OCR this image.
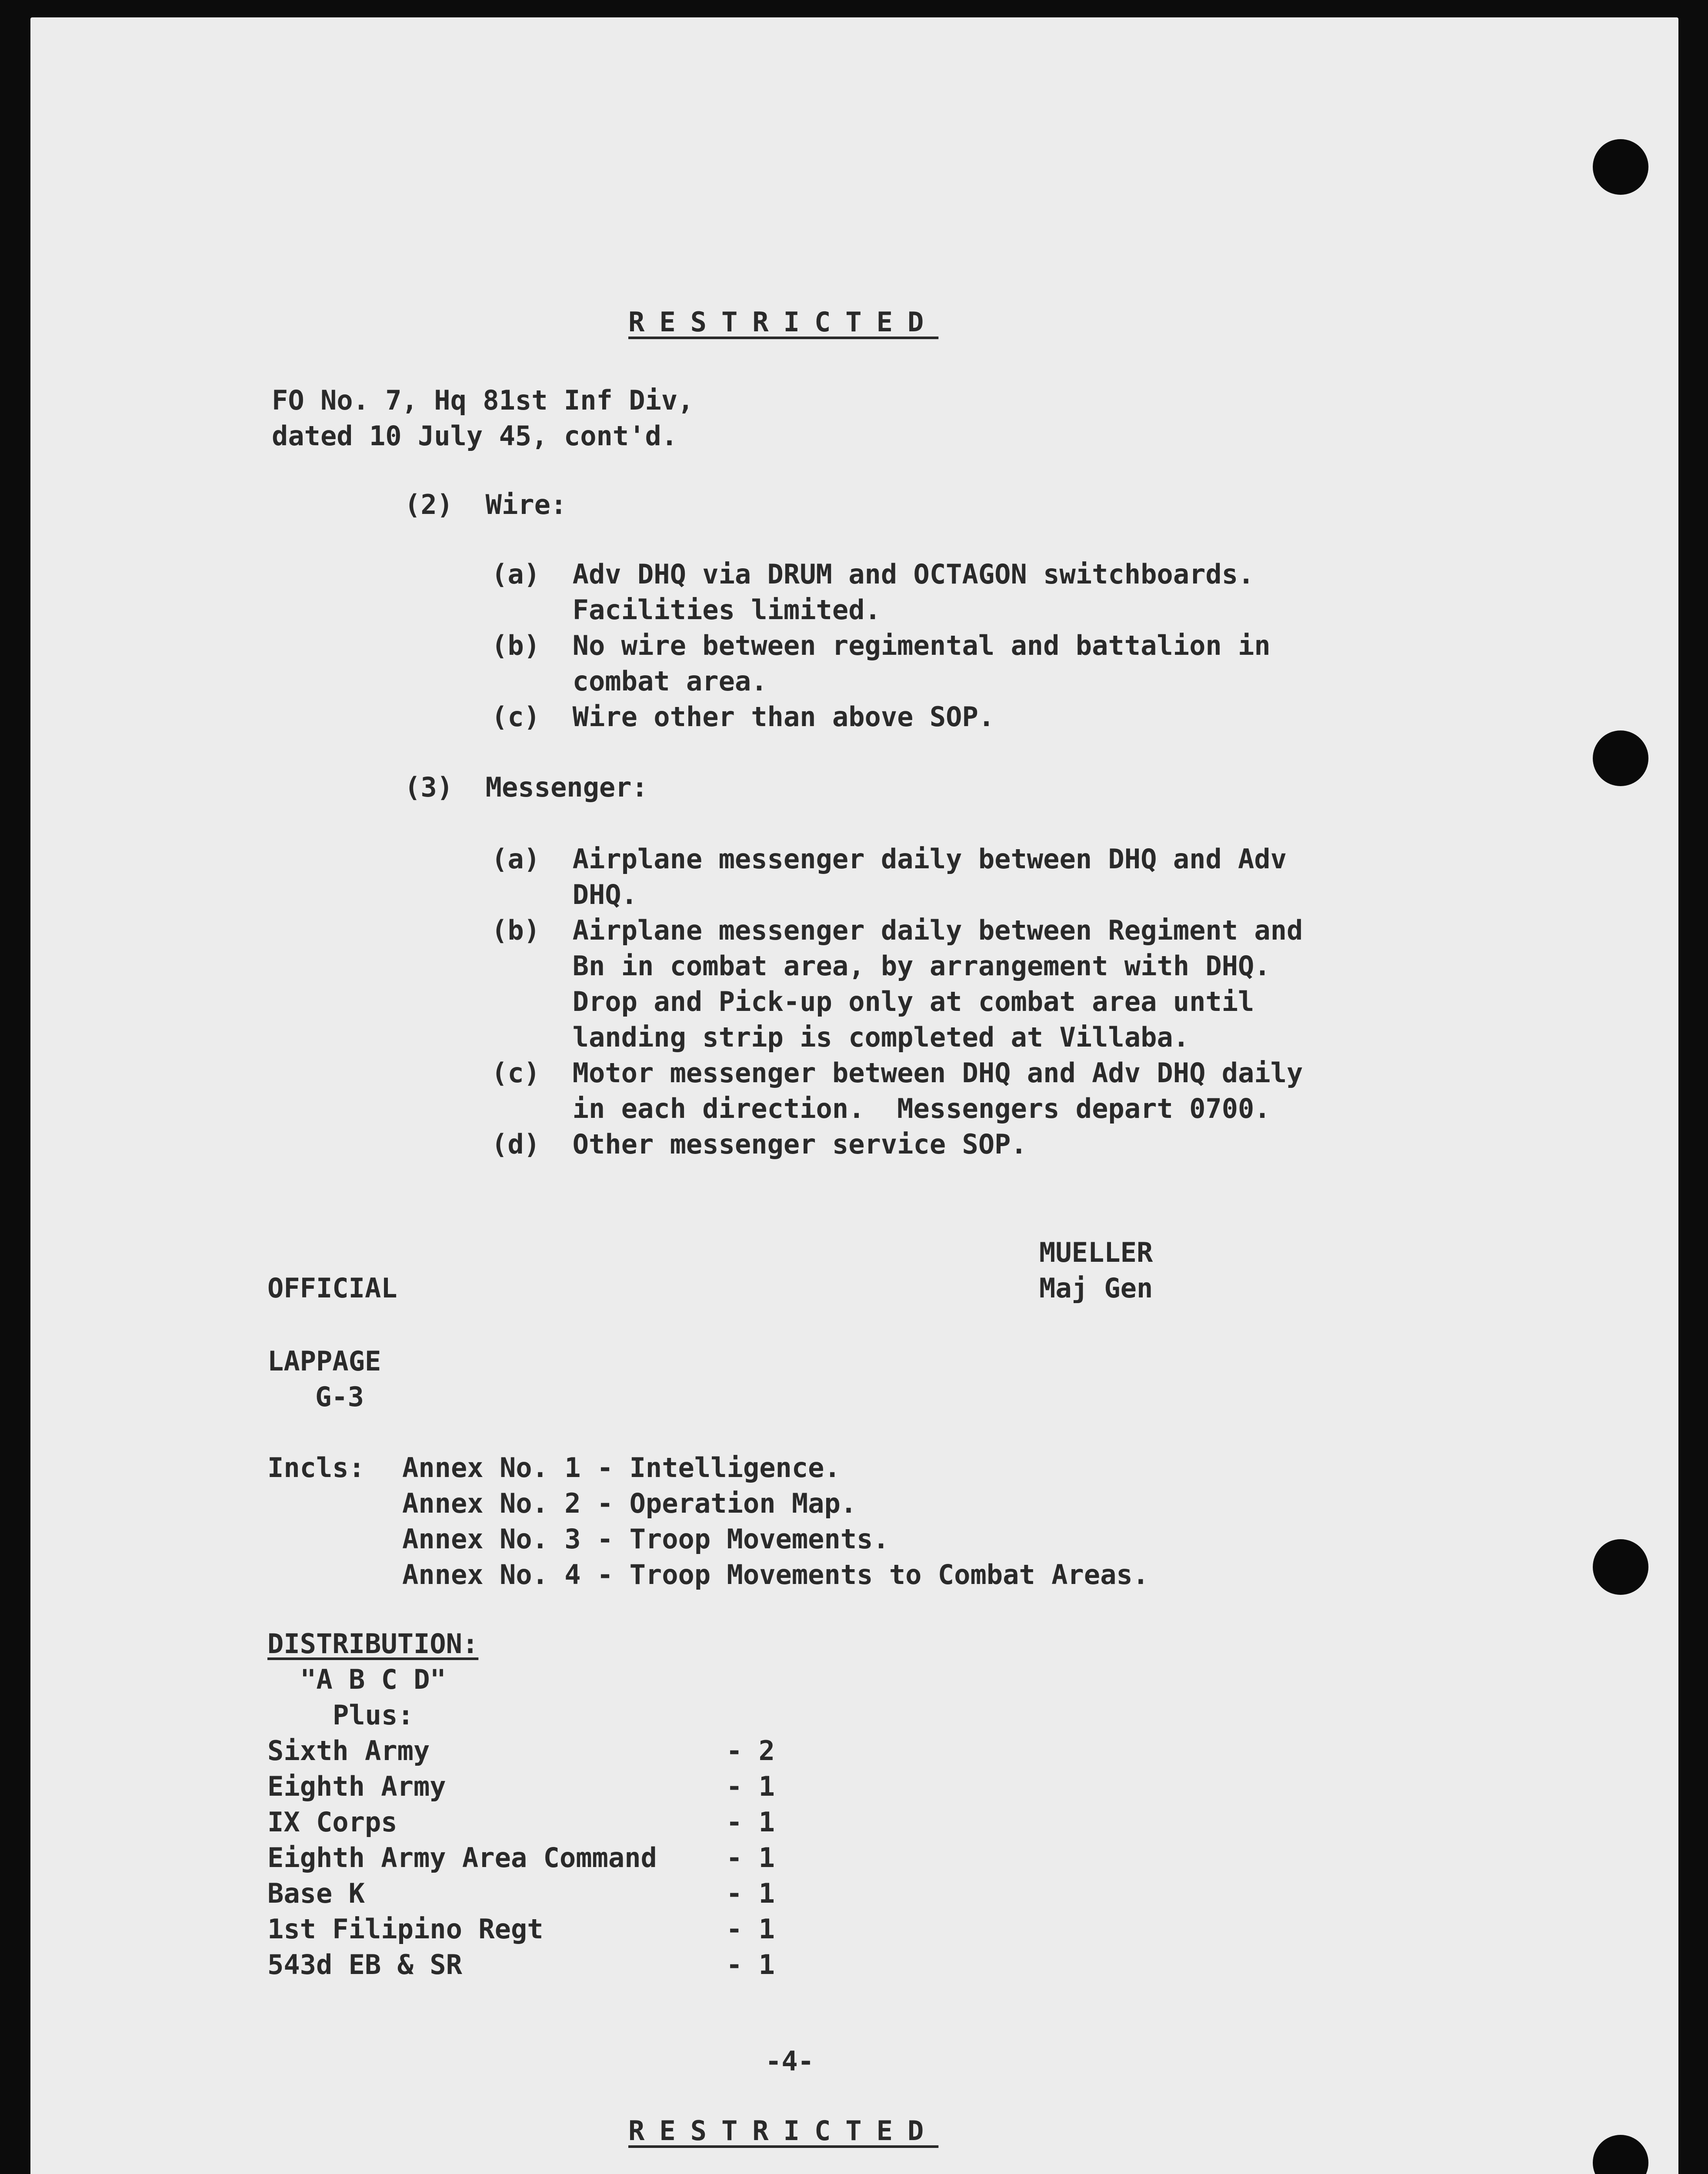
RESTRICTED
FO No. 7, Hq 81st Inf Div,
dated 10 July 45, cont'd.
(2)  Wire:
(a)  Adv DHQ via DRUM and OCTAGON switchboards.
Facilities limited.
(b)  No wire between regimental and battalion in
combat area.
(c)  Wire other than above SOP.
(3)  Messenger:
(a)  Airplane messenger daily between DHQ and Adv
DHQ.
(b)  Airplane messenger daily between Regiment and
Bn in combat area, by arrangement with DHQ.
Drop and Pick-up only at combat area until
landing strip is completed at Villaba.
(c)  Motor messenger between DHQ and Adv DHQ daily
in each direction.  Messengers depart 0700.
(d)  Other messenger service SOP.
MUELLER
Maj Gen
OFFICIAL
LAPPAGE
G-3
Incls: Annex No. 1 - Intelligence.
Annex No. 2 - Operation Map.
Annex No. 3 - Troop Movements.
Annex No. 4 - Troop Movements to Combat Areas.
DISTRIBUTION:
"A B C D"
Plus:
Sixth Army	- 2
Eighth Army	- 1
IX Corps	- 1
Eighth Army Area Command	- 1
Base K	- 1
1st Filipino Regt	- 1
543d EB & SR	- 1
-4-
RESTRICTED
